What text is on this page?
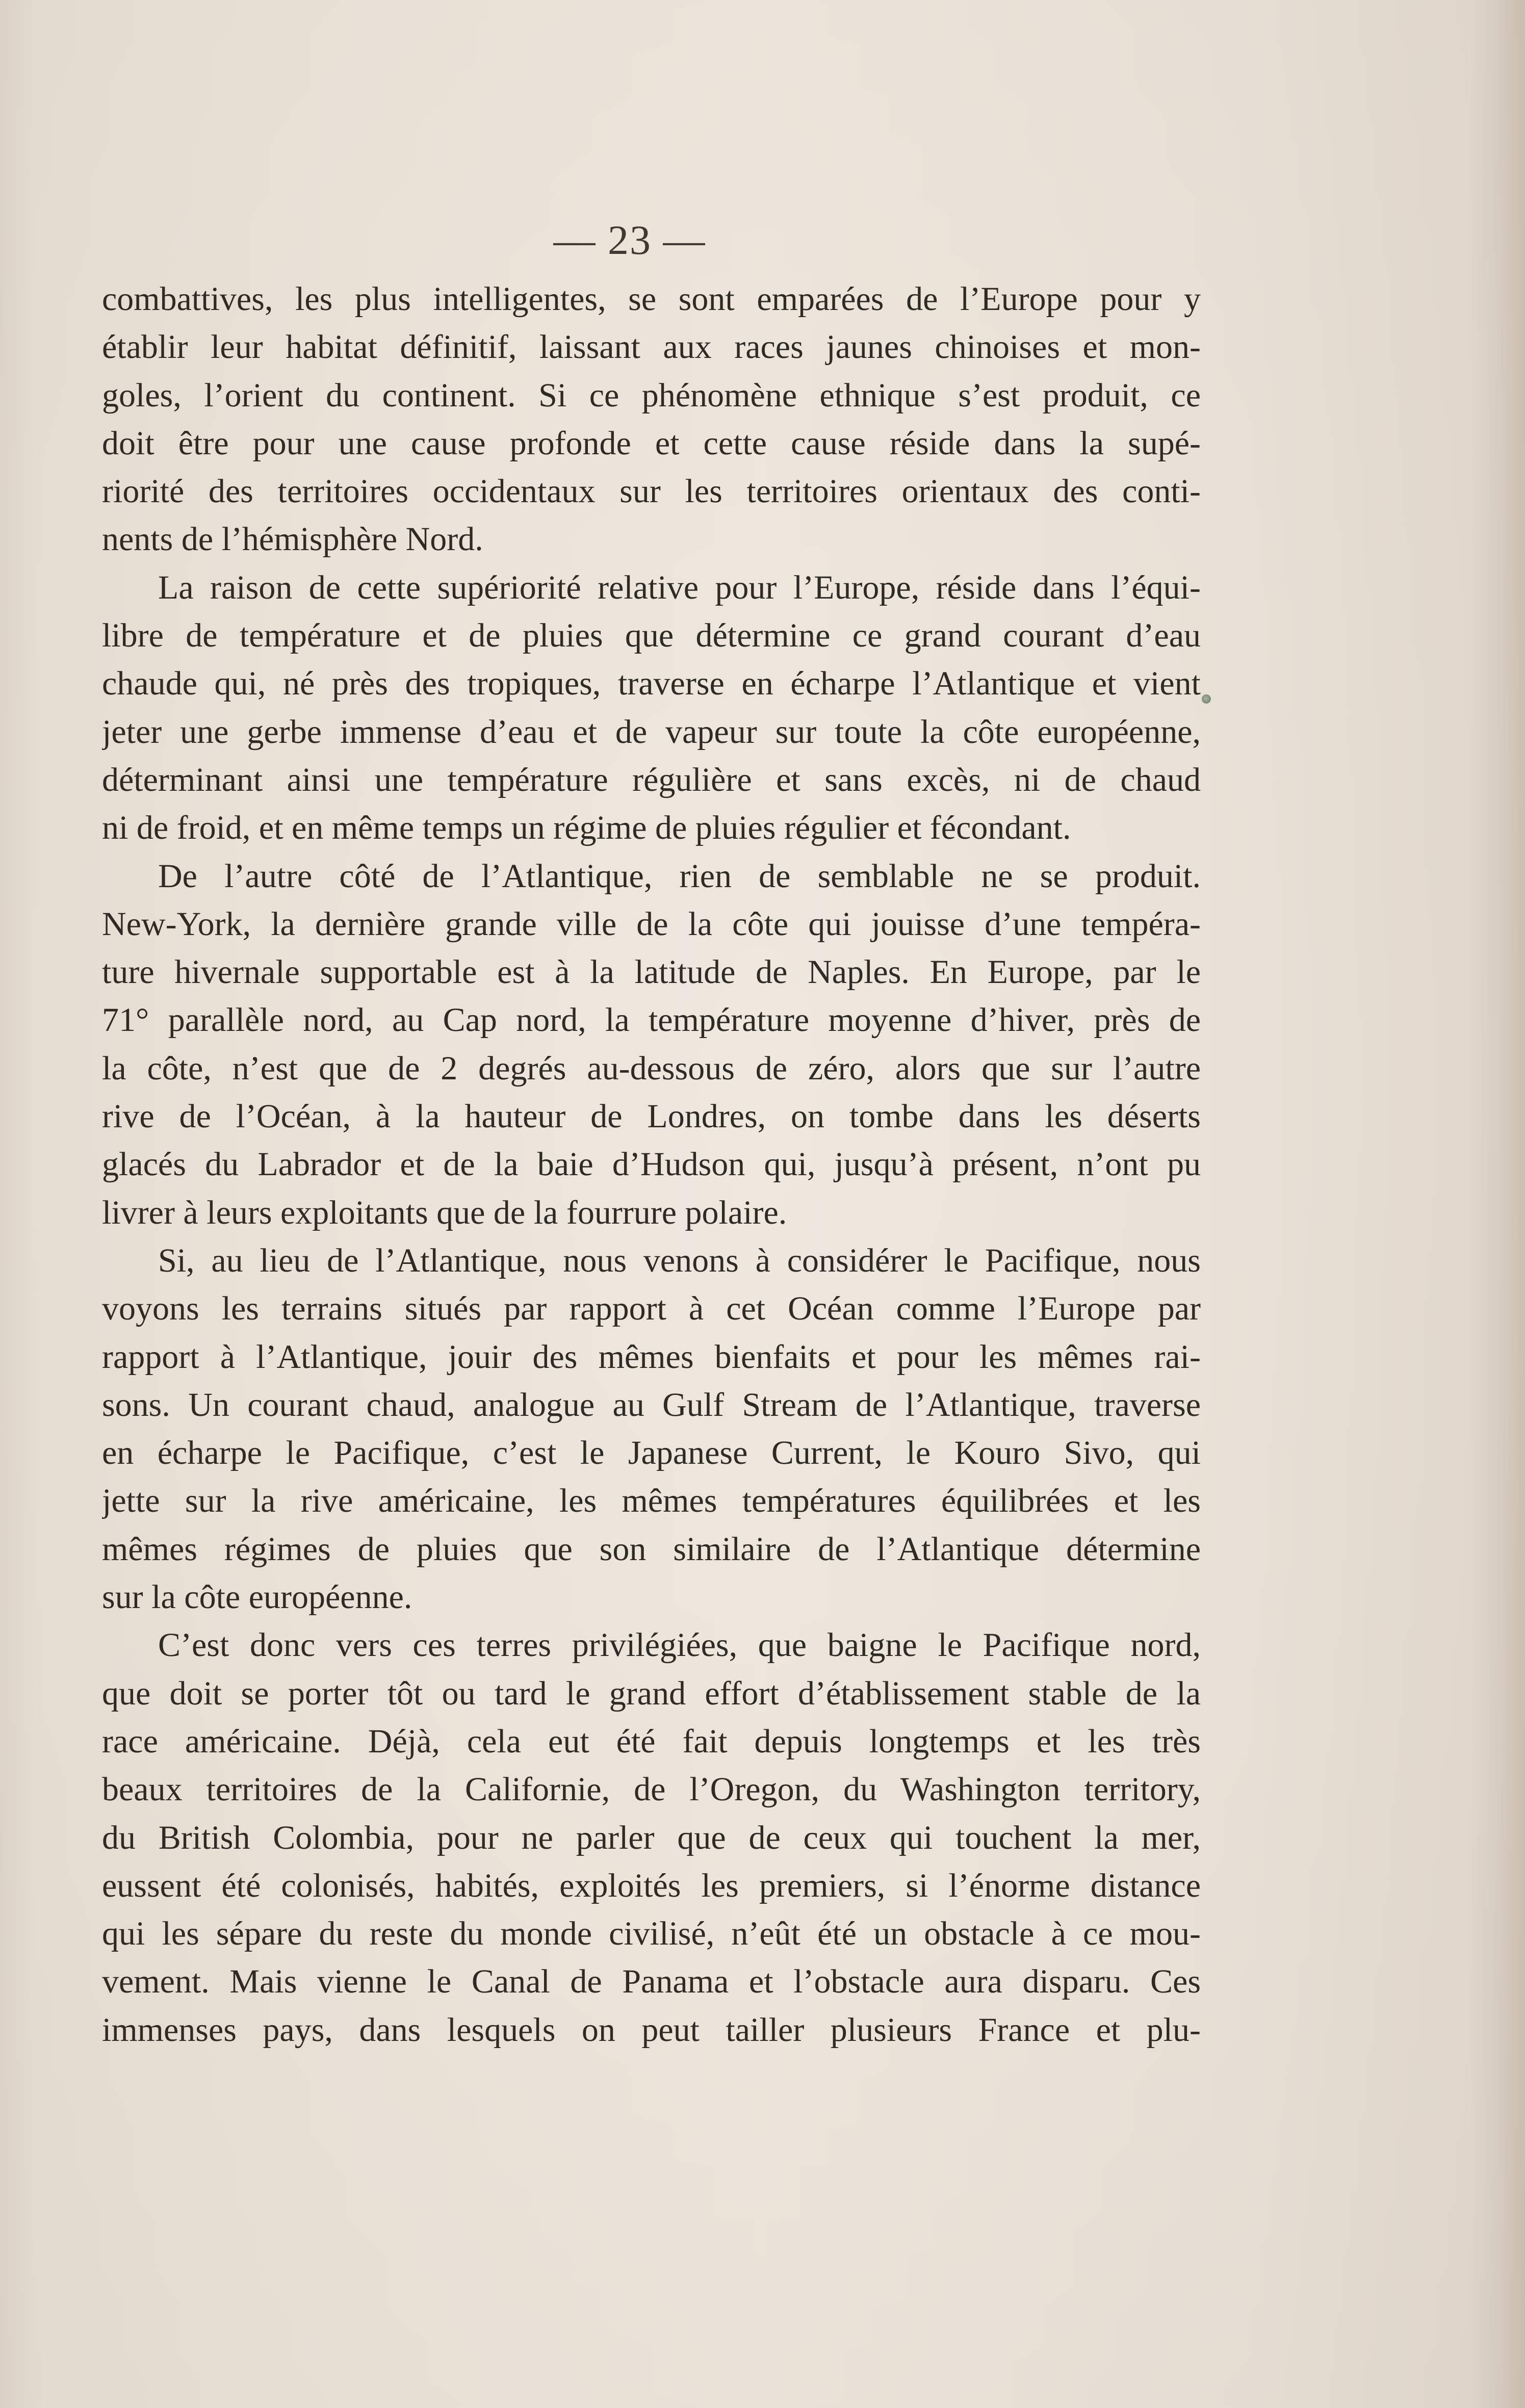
— 23 —
combattives, les plus intelligentes, se sont emparées de l’Europe pour y
établir leur habitat définitif, laissant aux races jaunes chinoises et mon-
goles, l’orient du continent. Si ce phénomène ethnique s’est produit, ce
doit être pour une cause profonde et cette cause réside dans la supé-
riorité des territoires occidentaux sur les territoires orientaux des conti-
nents de l’hémisphère Nord.
La raison de cette supériorité relative pour l’Europe, réside dans l’équi-
libre de température et de pluies que détermine ce grand courant d’eau
chaude qui, né près des tropiques, traverse en écharpe l’Atlantique et vient
jeter une gerbe immense d’eau et de vapeur sur toute la côte européenne,
déterminant ainsi une température régulière et sans excès, ni de chaud
ni de froid, et en même temps un régime de pluies régulier et fécondant.
De l’autre côté de l’Atlantique, rien de semblable ne se produit.
New-York, la dernière grande ville de la côte qui jouisse d’une tempéra-
ture hivernale supportable est à la latitude de Naples. En Europe, par le
71° parallèle nord, au Cap nord, la température moyenne d’hiver, près de
la côte, n’est que de 2 degrés au-dessous de zéro, alors que sur l’autre
rive de l’Océan, à la hauteur de Londres, on tombe dans les déserts
glacés du Labrador et de la baie d’Hudson qui, jusqu’à présent, n’ont pu
livrer à leurs exploitants que de la fourrure polaire.
Si, au lieu de l’Atlantique, nous venons à considérer le Pacifique, nous
voyons les terrains situés par rapport à cet Océan comme l’Europe par
rapport à l’Atlantique, jouir des mêmes bienfaits et pour les mêmes rai-
sons. Un courant chaud, analogue au Gulf Stream de l’Atlantique, traverse
en écharpe le Pacifique, c’est le Japanese Current, le Kouro Sivo, qui
jette sur la rive américaine, les mêmes températures équilibrées et les
mêmes régimes de pluies que son similaire de l’Atlantique détermine
sur la côte européenne.
C’est donc vers ces terres privilégiées, que baigne le Pacifique nord,
que doit se porter tôt ou tard le grand effort d’établissement stable de la
race américaine. Déjà, cela eut été fait depuis longtemps et les très
beaux territoires de la Californie, de l’Oregon, du Washington territory,
du British Colombia, pour ne parler que de ceux qui touchent la mer,
eussent été colonisés, habités, exploités les premiers, si l’énorme distance
qui les sépare du reste du monde civilisé, n’eût été un obstacle à ce mou-
vement. Mais vienne le Canal de Panama et l’obstacle aura disparu. Ces
immenses pays, dans lesquels on peut tailler plusieurs France et plu-
